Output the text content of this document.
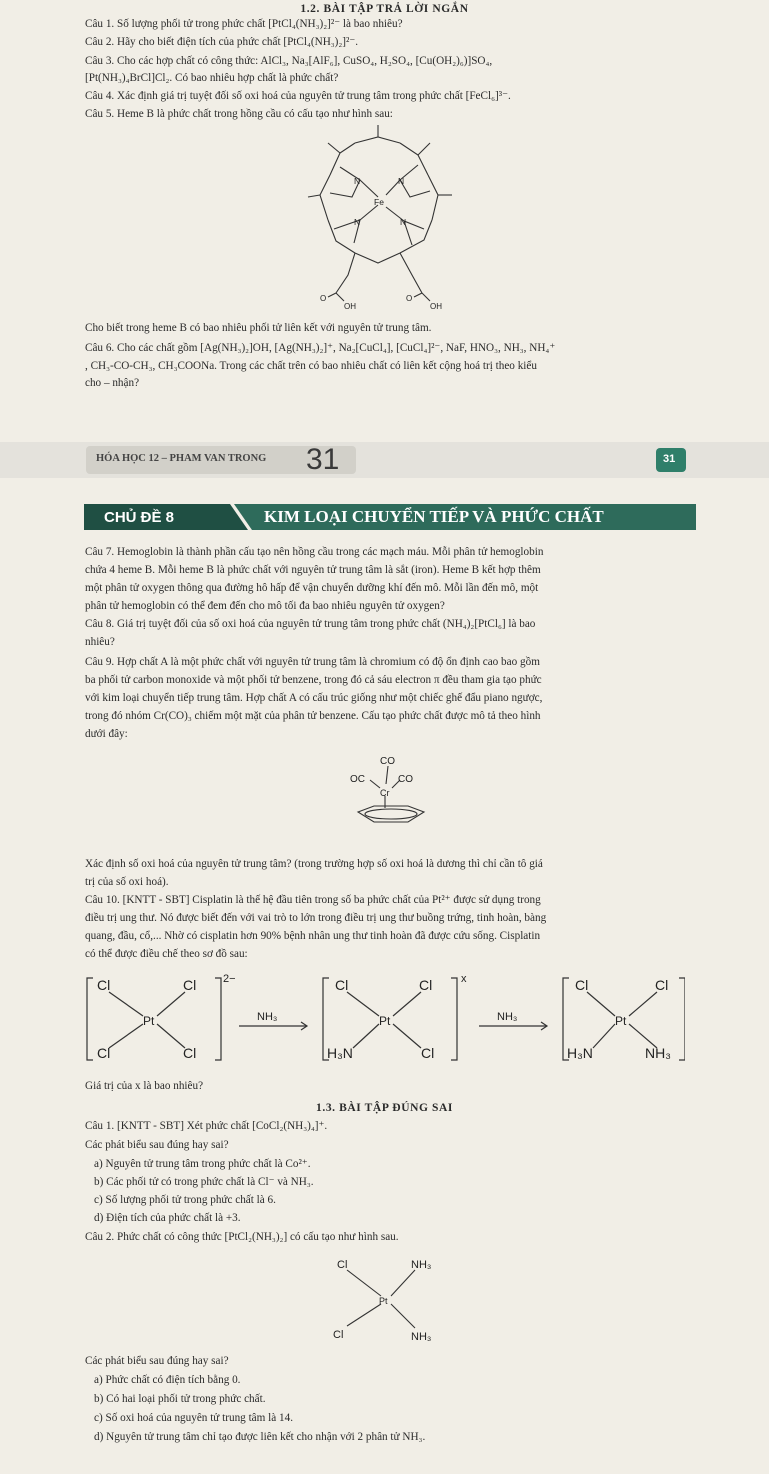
1.2. BÀI TẬP TRẢ LỜI NGẮN
Câu 1. Số lượng phối tử trong phức chất [PtCl₄(NH₃)₂]²⁻ là bao nhiêu?
Câu 2. Hãy cho biết điện tích của phức chất [PtCl₄(NH₃)₂]²⁻.
Câu 3. Cho các hợp chất có công thức: AlCl₃, Na₃[AlF₆], CuSO₄, H₂SO₄, [Cu(OH₂)₆)]SO₄,
[Pt(NH₃)₄BrCl]Cl₂. Có bao nhiêu hợp chất là phức chất?
Câu 4. Xác định giá trị tuyệt đối số oxi hoá của nguyên tử trung tâm trong phức chất [FeCl₆]³⁻.
Câu 5. Heme B là phức chất trong hồng cầu có cấu tạo như hình sau:
N	N
N	N
Fe
O
OH
O
OH
Cho biết trong heme B có bao nhiêu phối tử liên kết với nguyên tử trung tâm.
Câu 6. Cho các chất gồm [Ag(NH₃)₂]OH, [Ag(NH₃)₂]⁺, Na₂[CuCl₄], [CuCl₄]²⁻, NaF, HNO₃, NH₃, NH₄⁺
, CH₃-CO-CH₃, CH₃COONa. Trong các chất trên có bao nhiêu chất có liên kết cộng hoá trị theo kiểu
cho – nhận?
HÓA HỌC 12 – PHAM VAN TRONG 31	31
CHỦ ĐỀ 8	KIM LOẠI CHUYỂN TIẾP VÀ PHỨC CHẤT
Câu 7. Hemoglobin là thành phần cấu tạo nên hồng cầu trong các mạch máu. Mỗi phân tử hemoglobin
chứa 4 heme B. Mỗi heme B là phức chất với nguyên tử trung tâm là sắt (iron). Heme B kết hợp thêm
một phân tử oxygen thông qua đường hô hấp để vận chuyển dưỡng khí đến mô. Mỗi lần đến mô, một
phân tử hemoglobin có thể đem đến cho mô tối đa bao nhiêu nguyên tử oxygen?
Câu 8. Giá trị tuyệt đối của số oxi hoá của nguyên tử trung tâm trong phức chất (NH₄)₂[PtCl₆] là bao
nhiêu?
Câu 9. Hợp chất A là một phức chất với nguyên tử trung tâm là chromium có độ ổn định cao bao gồm
ba phối tử carbon monoxide và một phối tử benzene, trong đó cả sáu electron π đều tham gia tạo phức
với kim loại chuyển tiếp trung tâm. Hợp chất A có cấu trúc giống như một chiếc ghế đẩu piano ngược,
trong đó nhóm Cr(CO)₃ chiếm một mặt của phân tử benzene. Cấu tạo phức chất được mô tả theo hình
dưới đây:
OC
CO
CO
Cr
Xác định số oxi hoá của nguyên tử trung tâm? (trong trường hợp số oxi hoá là dương thì chỉ cần tô giá
trị của số oxi hoá).
Câu 10. [KNTT - SBT] Cisplatin là thế hệ đầu tiên trong số ba phức chất của Pt²⁺ được sử dụng trong
điều trị ung thư. Nó được biết đến với vai trò to lớn trong điều trị ung thư buồng trứng, tinh hoàn, bàng
quang, đầu, cổ,... Nhờ có cisplatin hơn 90% bệnh nhân ung thư tinh hoàn đã được cứu sống. Cisplatin
có thể được điều chế theo sơ đồ sau:
Cl	Cl
Cl	Cl
Pt
2−
NH₃
Cl	Cl
H₃N	Cl
Pt
x
NH₃
Cl	Cl
H₃N	NH₃
Pt
Giá trị của x là bao nhiêu?
1.3. BÀI TẬP ĐÚNG SAI
Câu 1. [KNTT - SBT] Xét phức chất [CoCl₂(NH₃)₄]⁺.
Các phát biểu sau đúng hay sai?
a) Nguyên tử trung tâm trong phức chất là Co²⁺.
b) Các phối tử có trong phức chất là Cl⁻ và NH₃.
c) Số lượng phối tử trong phức chất là 6.
d) Điện tích của phức chất là +3.
Câu 2. Phức chất có công thức [PtCl₂(NH₃)₂] có cấu tạo như hình sau.
Cl	NH₃
Pt
Cl	NH₃
Các phát biểu sau đúng hay sai?
a) Phức chất có điện tích bằng 0.
b) Có hai loại phối tử trong phức chất.
c) Số oxi hoá của nguyên tử trung tâm là 14.
d) Nguyên tử trung tâm chỉ tạo được liên kết cho nhận với 2 phân tử NH₃.
